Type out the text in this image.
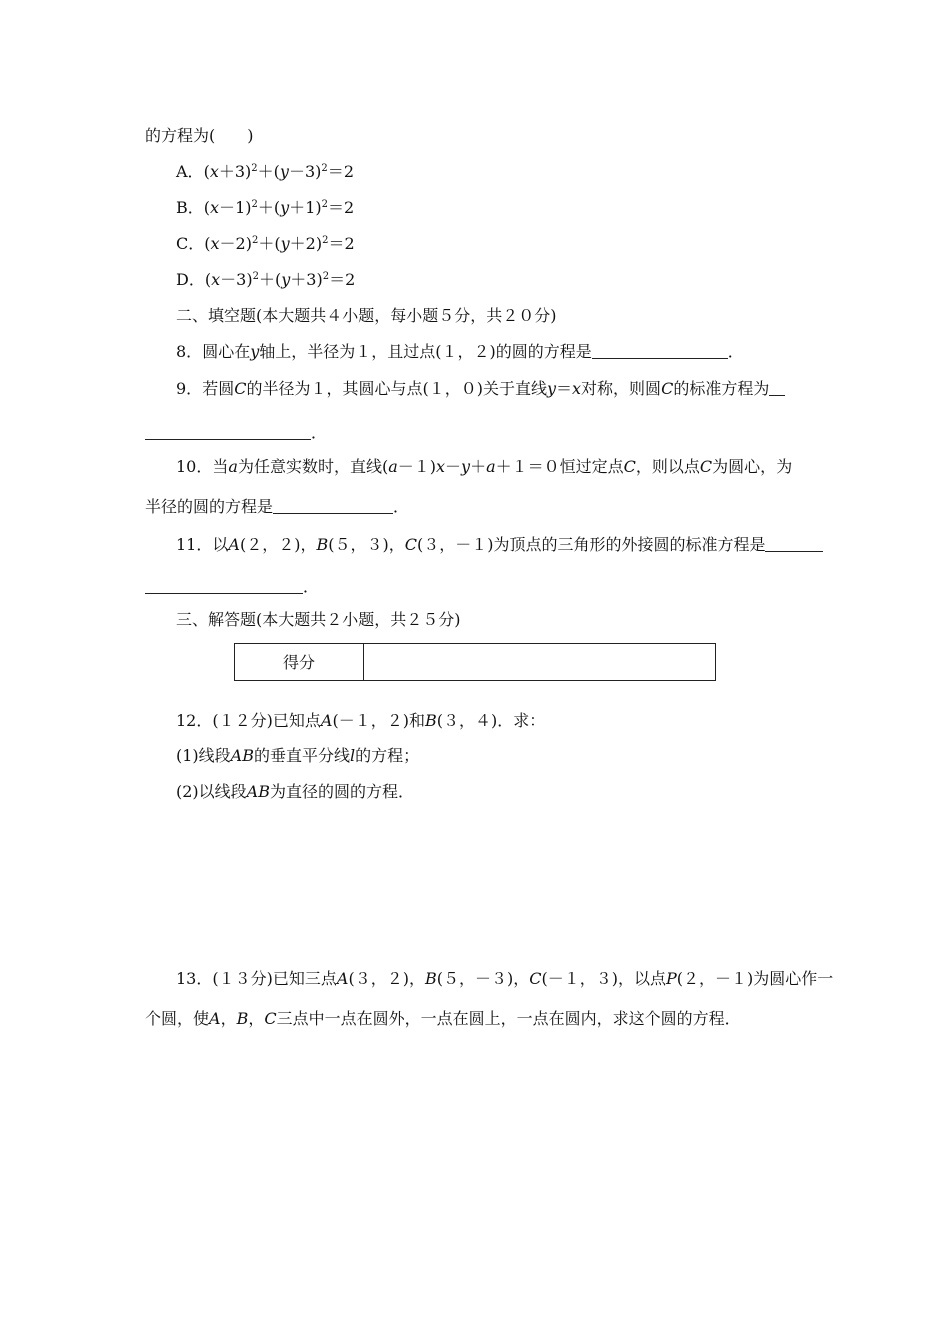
的方程为(　　)
A．$(x+3)^2+(y-3)^2=2$
B．$(x-1)^2+(y+1)^2=2$
C．$(x-2)^2+(y+2)^2=2$
D．$(x-3)^2+(y+3)^2=2$
二、填空题(本大题共４小题，每小题５分，共２０分)
8．圆心在y轴上，半径为１，且过点(１，２)的圆的方程是	．
9．若圆C的半径为１，其圆心与点(１，０)关于直线y＝x对称，则圆C的标准方程为
．
10．当a为任意实数时，直线(a－１)x－y＋a＋１＝０恒过定点C，则以点C为圆心，为
半径的圆的方程是	．
11．以A(２，２)，B(５，３)，C(３，－１)为顶点的三角形的外接圆的标准方程是
．
三、解答题(本大题共２小题，共２５分)
得分	
12．(１２分)已知点A(－１，２)和B(３，４)．求：
(1)线段AB的垂直平分线l的方程；
(2)以线段AB为直径的圆的方程．
13．(１３分)已知三点A(３，２)，B(５，－３)，C(－１，３)，以点P(２，－１)为圆心作一
个圆，使A，B，C三点中一点在圆外，一点在圆上，一点在圆内，求这个圆的方程．
